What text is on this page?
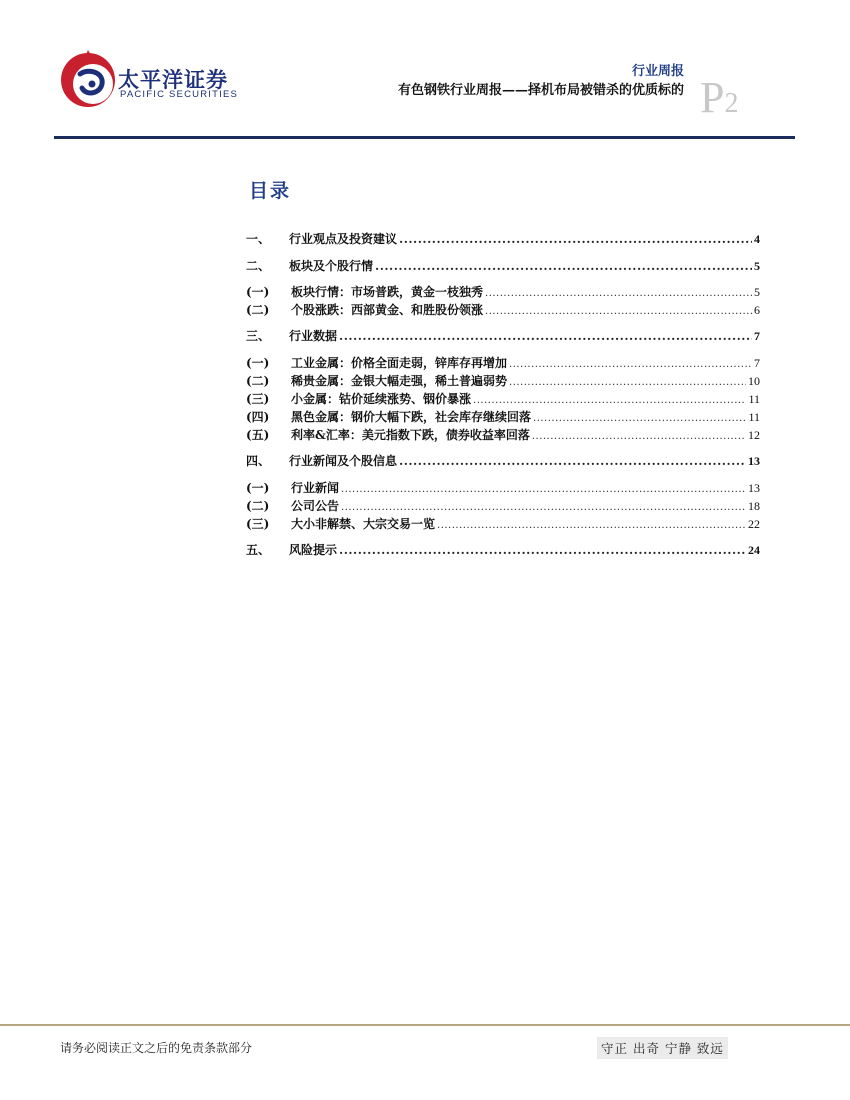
太平洋证券
PACIFIC SECURITIES
行业周报
有色钢铁行业周报——择机布局被错杀的优质标的 P2
目录
一、	行业观点及投资建议 .....	4
二、	板块及个股行情 .....	5
(一)	板块行情：市场普跌，黄金一枝独秀 .....	5
(二)	个股涨跌：西部黄金、和胜股份领涨 .....	6
三、	行业数据 .....	7
(一)	工业金属：价格全面走弱，锌库存再增加 .....	7
(二)	稀贵金属：金银大幅走强，稀土普遍弱势 .....	10
(三)	小金属：钴价延续涨势、铟价暴涨 .....	11
(四)	黑色金属：钢价大幅下跌，社会库存继续回落 .....	11
(五)	利率&汇率：美元指数下跌，债券收益率回落 .....	12
四、	行业新闻及个股信息 .....	13
(一)	行业新闻 .....	13
(二)	公司公告 .....	18
(三)	大小非解禁、大宗交易一览 .....	22
五、	风险提示 .....	24
请务必阅读正文之后的免责条款部分	守正 出奇 宁静 致远
